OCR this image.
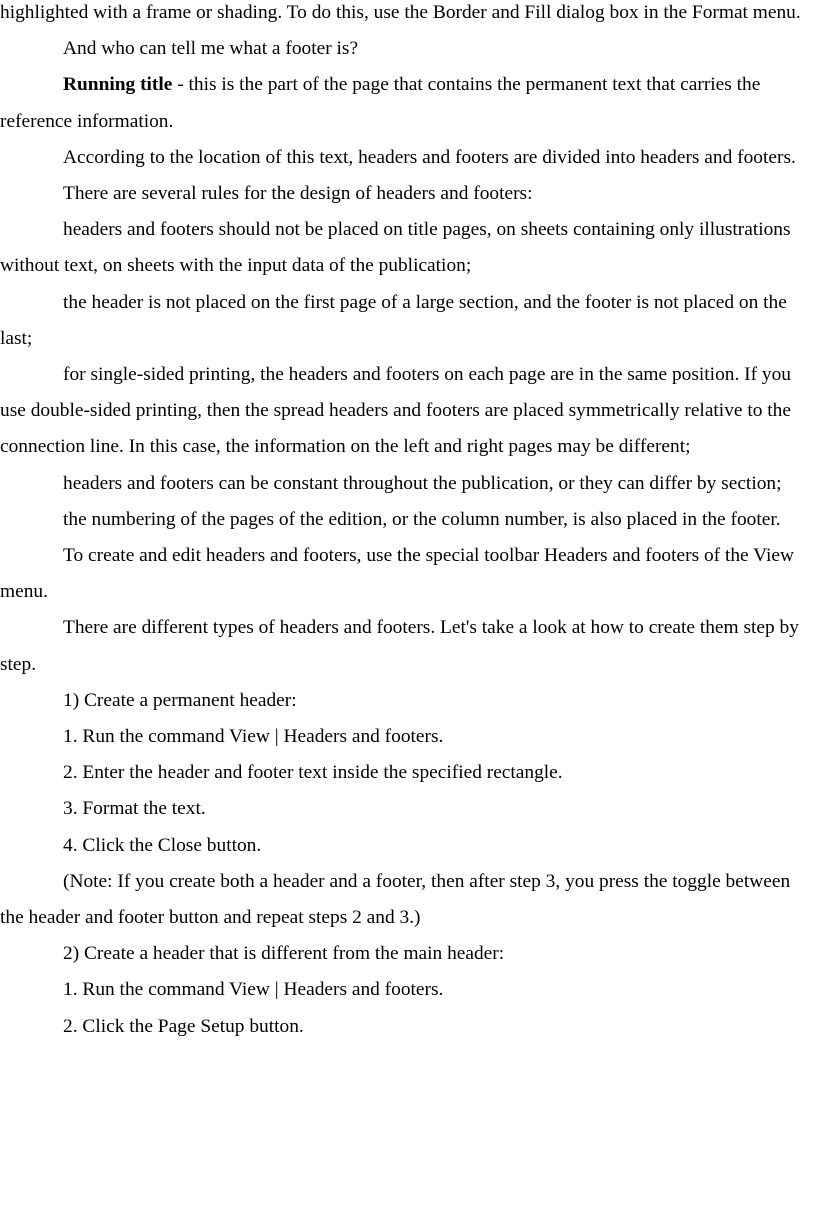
highlighted with a frame or shading. To do this, use the Border and Fill dialog box in the Format menu.

And who can tell me what a footer is?

Running title - this is the part of the page that contains the permanent text that carries the reference information.

According to the location of this text, headers and footers are divided into headers and footers.

There are several rules for the design of headers and footers:

headers and footers should not be placed on title pages, on sheets containing only illustrations without text, on sheets with the input data of the publication;

the header is not placed on the first page of a large section, and the footer is not placed on the last;

for single-sided printing, the headers and footers on each page are in the same position. If you use double-sided printing, then the spread headers and footers are placed symmetrically relative to the connection line. In this case, the information on the left and right pages may be different;

headers and footers can be constant throughout the publication, or they can differ by section;

the numbering of the pages of the edition, or the column number, is also placed in the footer.

To create and edit headers and footers, use the special toolbar Headers and footers of the View menu.

There are different types of headers and footers. Let's take a look at how to create them step by step.

1) Create a permanent header:

1. Run the command View | Headers and footers.

2. Enter the header and footer text inside the specified rectangle.

3. Format the text.

4. Click the Close button.

(Note: If you create both a header and a footer, then after step 3, you press the toggle between the header and footer button and repeat steps 2 and 3.)

2) Create a header that is different from the main header:

1. Run the command View | Headers and footers.

2. Click the Page Setup button.
